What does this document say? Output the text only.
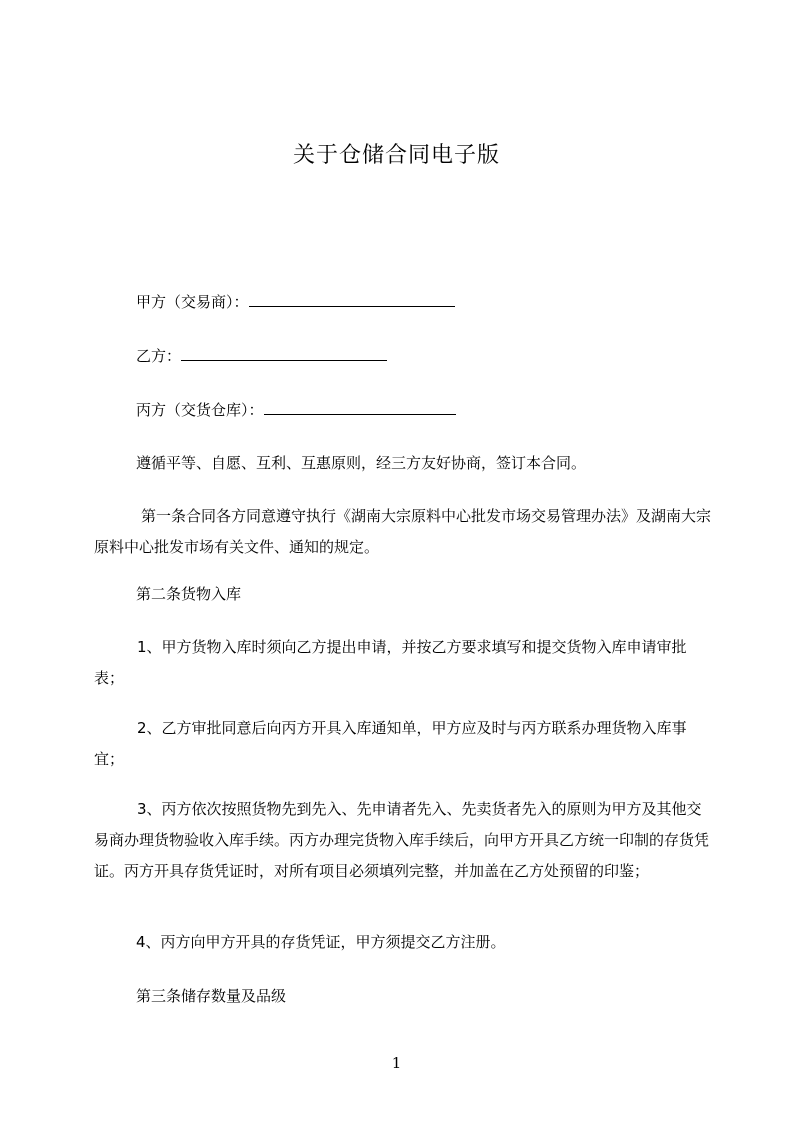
关于仓储合同电子版
甲方（交易商）：
乙方：
丙方（交货仓库）：
遵循平等、自愿、互利、互惠原则，经三方友好协商，签订本合同。
第一条合同各方同意遵守执行《湖南大宗原料中心批发市场交易管理办法》及湖南大宗原料中心批发市场有关文件、通知的规定。
第二条货物入库
1、甲方货物入库时须向乙方提出申请，并按乙方要求填写和提交货物入库申请审批表；
2、乙方审批同意后向丙方开具入库通知单，甲方应及时与丙方联系办理货物入库事宜；
3、丙方依次按照货物先到先入、先申请者先入、先卖货者先入的原则为甲方及其他交易商办理货物验收入库手续。丙方办理完货物入库手续后，向甲方开具乙方统一印制的存货凭证。丙方开具存货凭证时，对所有项目必须填列完整，并加盖在乙方处预留的印鉴；
4、丙方向甲方开具的存货凭证，甲方须提交乙方注册。
第三条储存数量及品级
1
